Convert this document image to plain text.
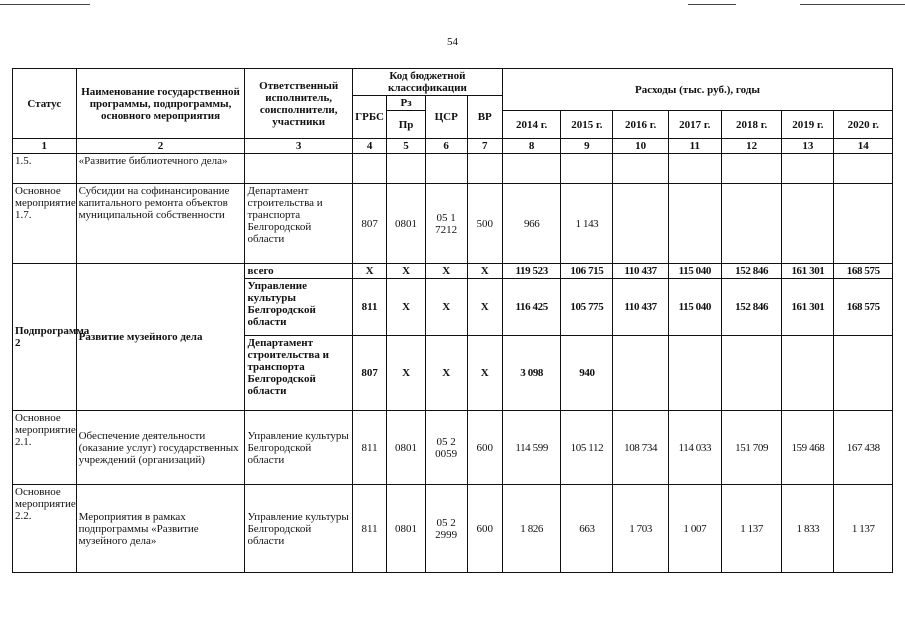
54
Статус	Наименование государственной программы, подпрограммы, основного мероприятия	Ответственный исполнитель, соисполнители, участники	Код бюджетной классификации				Расходы (тыс. руб.), годы						
			ГРБС	Рз	ЦСР	ВР							
				Пр			2014 г.	2015 г.	2016 г.	2017 г.	2018 г.	2019 г.	2020 г.
1	2	3	4	5	6	7	8	9	10	11	12	13	14
1.5.	«Развитие библиотечного дела»												
Основное мероприятие 1.7.	Субсидии на софинансирование капитального ремонта объектов муниципальной собственности	Департамент строительства и транспорта Белгородской области	807	0801	05 1 7212	500	966	1 143					
Подпрограмма 2	Развитие музейного дела	всего	Х	Х	Х	Х	119 523	106 715	110 437	115 040	152 846	161 301	168 575
		Управление культуры Белгородской области	811	Х	Х	Х	116 425	105 775	110 437	115 040	152 846	161 301	168 575
		Департамент строительства и транспорта Белгородской области	807	Х	Х	Х	3 098	940					
Основное мероприятие 2.1.	Обеспечение деятельности (оказание услуг) государственных учреждений (организаций)	Управление культуры Белгородской области	811	0801	05 2 0059	600	114 599	105 112	108 734	114 033	151 709	159 468	167 438
Основное мероприятие 2.2.	Мероприятия в рамках подпрограммы «Развитие музейного дела»	Управление культуры Белгородской области	811	0801	05 2 2999	600	1 826	663	1 703	1 007	1 137	1 833	1 137
